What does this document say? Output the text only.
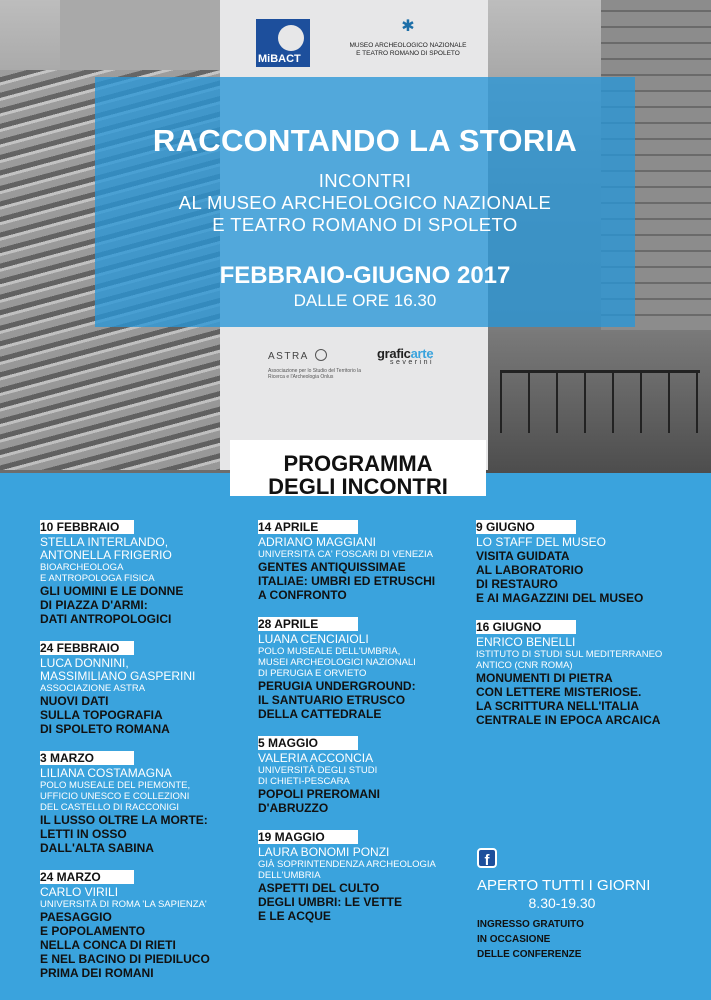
MiBACT
✱
MUSEO ARCHEOLOGICO NAZIONALE
E TEATRO ROMANO DI SPOLETO
RACCONTANDO LA STORIA
INCONTRI
AL MUSEO ARCHEOLOGICO NAZIONALE
E TEATRO ROMANO DI SPOLETO
FEBBRAIO-GIUGNO 2017
DALLE ORE 16.30
ASTRA
Associazione per lo Studio del Territorio la Ricerca e l'Archeologia Onlus
graficarte
severini
PROGRAMMA
DEGLI INCONTRI
10 FEBBRAIO

STELLA INTERLANDO,
ANTONELLA FRIGERIO
BIOARCHEOLOGA
E ANTROPOLOGA FISICA
GLI UOMINI E LE DONNE
DI PIAZZA D'ARMI:
DATI ANTROPOLOGICI
24 FEBBRAIO

LUCA DONNINI,
MASSIMILIANO GASPERINI
ASSOCIAZIONE ASTRA
NUOVI DATI
SULLA TOPOGRAFIA
DI SPOLETO ROMANA
3 MARZO

LILIANA COSTAMAGNA
POLO MUSEALE DEL PIEMONTE,
UFFICIO UNESCO E COLLEZIONI
DEL CASTELLO DI RACCONIGI
IL LUSSO OLTRE LA MORTE:
LETTI IN OSSO
DALL'ALTA SABINA
24 MARZO

CARLO VIRILI
UNIVERSITÀ DI ROMA 'LA SAPIENZA'
PAESAGGIO
E POPOLAMENTO
NELLA CONCA DI RIETI
E NEL BACINO DI PIEDILUCO
PRIMA DEI ROMANI
14 APRILE

ADRIANO MAGGIANI
UNIVERSITÀ CA' FOSCARI DI VENEZIA
GENTES ANTIQUISSIMAE
ITALIAE: UMBRI ED ETRUSCHI
A CONFRONTO
28 APRILE

LUANA CENCIAIOLI
POLO MUSEALE DELL'UMBRIA,
MUSEI ARCHEOLOGICI NAZIONALI
DI PERUGIA E ORVIETO
PERUGIA UNDERGROUND:
IL SANTUARIO ETRUSCO
DELLA CATTEDRALE
5 MAGGIO

VALERIA ACCONCIA
UNIVERSITÀ DEGLI STUDI
DI CHIETI-PESCARA
POPOLI PREROMANI
D'ABRUZZO
19 MAGGIO

LAURA BONOMI PONZI
GIÀ SOPRINTENDENZA ARCHEOLOGIA
DELL'UMBRIA
ASPETTI DEL CULTO
DEGLI UMBRI: LE VETTE
E LE ACQUE
9 GIUGNO

LO STAFF DEL MUSEO
VISITA GUIDATA
AL LABORATORIO
DI RESTAURO
E AI MAGAZZINI DEL MUSEO
16 GIUGNO

ENRICO BENELLI
ISTITUTO DI STUDI SUL MEDITERRANEO
ANTICO (CNR ROMA)
MONUMENTI DI PIETRA
CON LETTERE MISTERIOSE.
LA SCRITTURA NELL'ITALIA
CENTRALE IN EPOCA ARCAICA
f
APERTO TUTTI I GIORNI
8.30-19.30
INGRESSO GRATUITO
IN OCCASIONE
DELLE CONFERENZE
